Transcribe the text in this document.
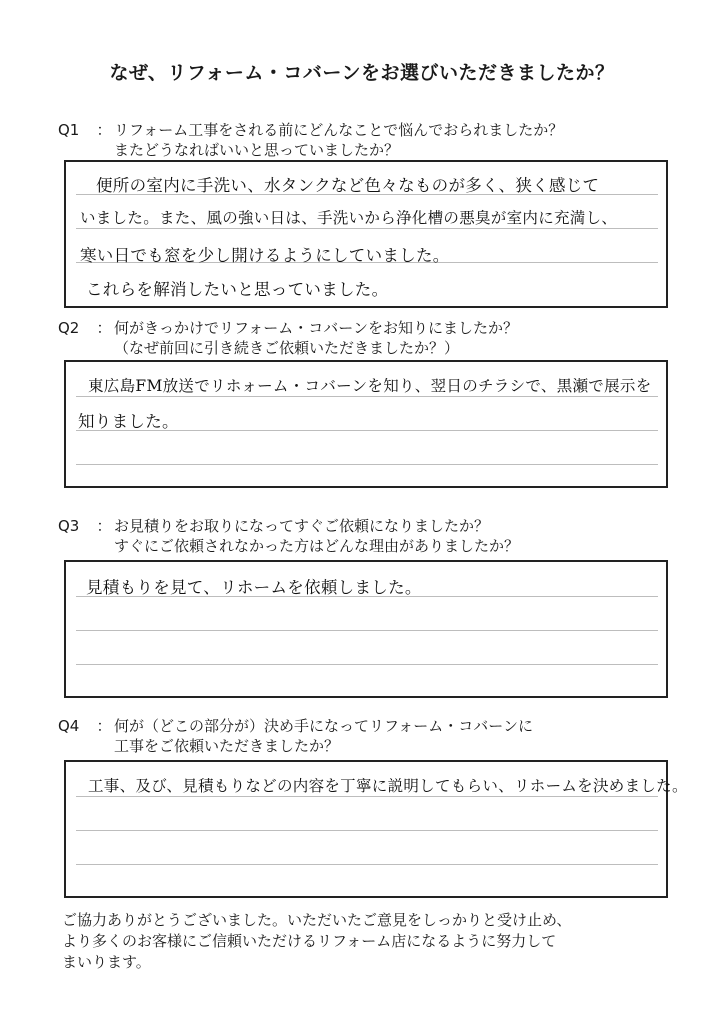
なぜ、リフォーム・コバーンをお選びいただきましたか？
Q1 ： リフォーム工事をされる前にどんなことで悩んでおられましたか？
またどうなればいいと思っていましたか？
便所の室内に手洗い、水タンクなど色々なものが多く、狭く感じて
いました。また、風の強い日は、手洗いから浄化槽の悪臭が室内に充満し、
寒い日でも窓を少し開けるようにしていました。
これらを解消したいと思っていました。
Q2 ： 何がきっかけでリフォーム・コバーンをお知りにましたか？
（なぜ前回に引き続きご依頼いただきましたか？）
東広島FM放送でリホォーム・コバーンを知り、翌日のチラシで、黒瀬で展示を
知りました。
Q3 ： お見積りをお取りになってすぐご依頼になりましたか？
すぐにご依頼されなかった方はどんな理由がありましたか？
見積もりを見て、リホームを依頼しました。
Q4 ： 何が（どこの部分が）決め手になってリフォーム・コバーンに
工事をご依頼いただきましたか？
工事、及び、見積もりなどの内容を丁寧に説明してもらい、リホームを決めました。
ご協力ありがとうございました。いただいたご意見をしっかりと受け止め、
より多くのお客様にご信頼いただけるリフォーム店になるように努力して
まいります。
